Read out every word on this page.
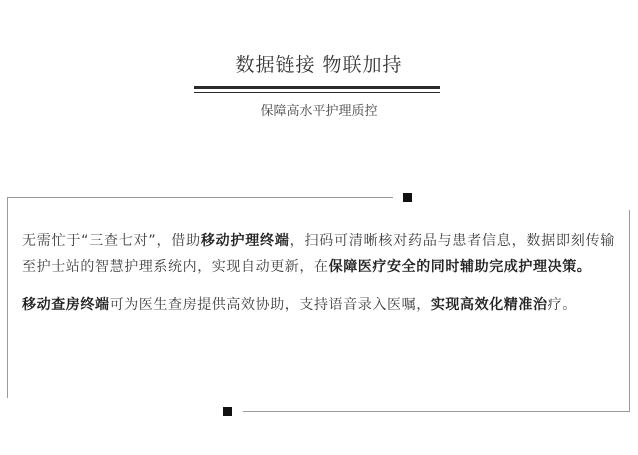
数据链接 物联加持
保障高水平护理质控

无需忙于“三查七对”，借助移动护理终端，扫码可清晰核对药品与患者信息，数据即刻传输至护士站的智慧护理系统内，实现自动更新，在保障医疗安全的同时辅助完成护理决策。

移动查房终端可为医生查房提供高效协助，支持语音录入医嘱，实现高效化精准治疗。
